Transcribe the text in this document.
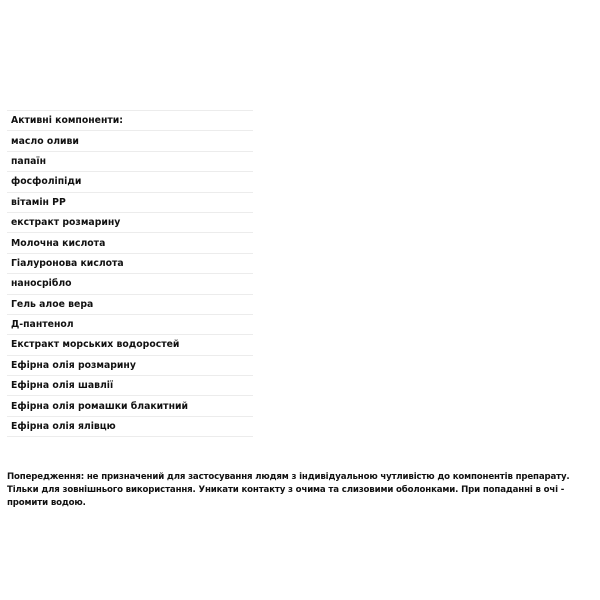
Активні компоненти:
масло оливи
папаїн
фосфоліпіди
вітамін РР
екстракт розмарину
Молочна кислота
Гіалуронова кислота
наносрібло
Гель алое вера
Д-пантенол
Екстракт морських водоростей
Ефірна олія розмарину
Ефірна олія шавлії
Ефірна олія ромашки блакитний
Ефірна олія ялівцю

Попередження: не призначений для застосування людям з індивідуальною чутливістю до компонентів препарату. Тільки для зовнішнього використання. Уникати контакту з очима та слизовими оболонками. При попаданні в очі - промити водою.
